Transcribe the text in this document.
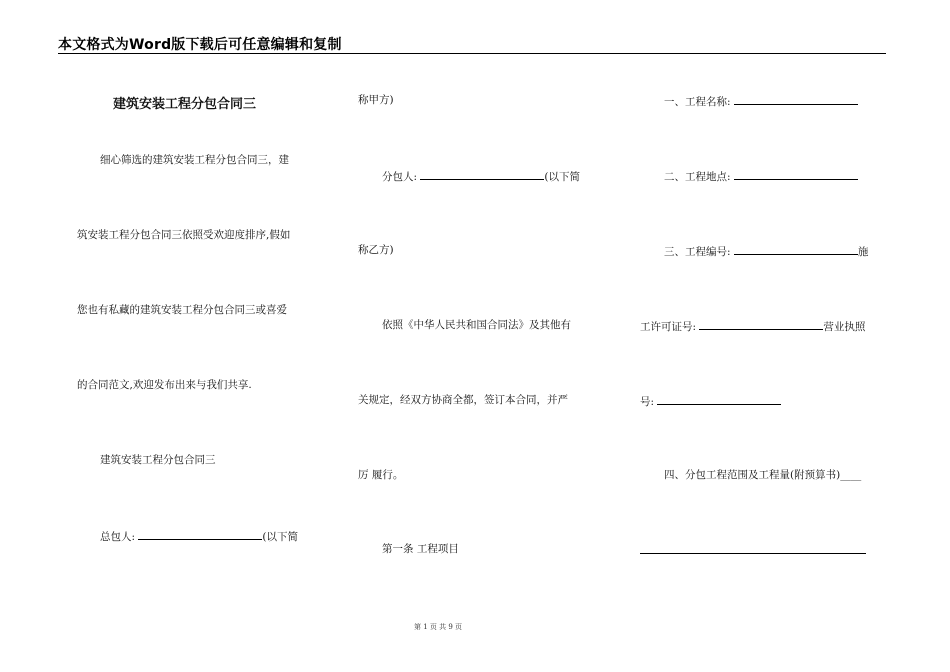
本文格式为Word版下载后可任意编辑和复制
建筑安装工程分包合同三
细心筛选的建筑安装工程分包合同三，建
筑安装工程分包合同三依照受欢迎度排序,假如
您也有私藏的建筑安装工程分包合同三或喜爱
的合同范文,欢迎发布出来与我们共享.
建筑安装工程分包合同三
总包人:	(以下简
称甲方)
分包人:	(以下简
称乙方)
依照《中华人民共和国合同法》及其他有
关规定，经双方协商全都，签订本合同，并严
厉 履行。
第一条 工程项目
一、工程名称:
二、工程地点:
三、工程编号:	施
工许可证号:	营业执照
号:
四、分包工程范围及工程量(附预算书)____
第 1 页 共 9 页
